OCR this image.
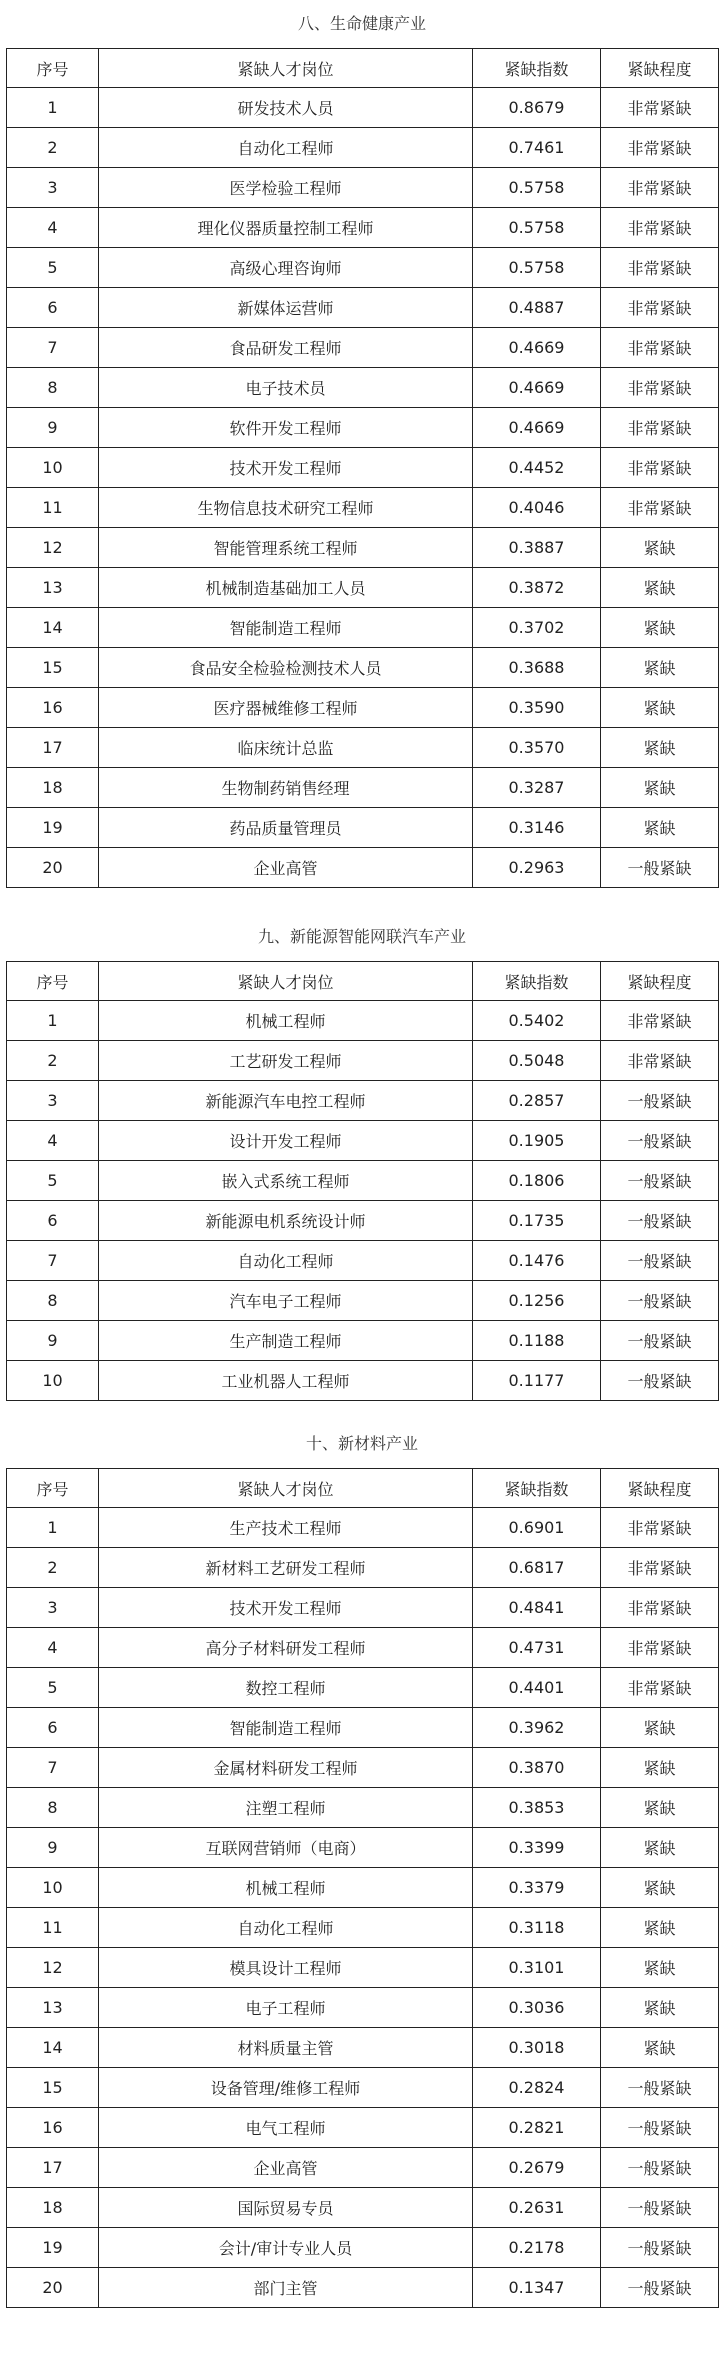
八、生命健康产业
序号	紧缺人才岗位	紧缺指数	紧缺程度
1	研发技术人员	0.8679	非常紧缺
2	自动化工程师	0.7461	非常紧缺
3	医学检验工程师	0.5758	非常紧缺
4	理化仪器质量控制工程师	0.5758	非常紧缺
5	高级心理咨询师	0.5758	非常紧缺
6	新媒体运营师	0.4887	非常紧缺
7	食品研发工程师	0.4669	非常紧缺
8	电子技术员	0.4669	非常紧缺
9	软件开发工程师	0.4669	非常紧缺
10	技术开发工程师	0.4452	非常紧缺
11	生物信息技术研究工程师	0.4046	非常紧缺
12	智能管理系统工程师	0.3887	紧缺
13	机械制造基础加工人员	0.3872	紧缺
14	智能制造工程师	0.3702	紧缺
15	食品安全检验检测技术人员	0.3688	紧缺
16	医疗器械维修工程师	0.3590	紧缺
17	临床统计总监	0.3570	紧缺
18	生物制药销售经理	0.3287	紧缺
19	药品质量管理员	0.3146	紧缺
20	企业高管	0.2963	一般紧缺
九、新能源智能网联汽车产业
序号	紧缺人才岗位	紧缺指数	紧缺程度
1	机械工程师	0.5402	非常紧缺
2	工艺研发工程师	0.5048	非常紧缺
3	新能源汽车电控工程师	0.2857	一般紧缺
4	设计开发工程师	0.1905	一般紧缺
5	嵌入式系统工程师	0.1806	一般紧缺
6	新能源电机系统设计师	0.1735	一般紧缺
7	自动化工程师	0.1476	一般紧缺
8	汽车电子工程师	0.1256	一般紧缺
9	生产制造工程师	0.1188	一般紧缺
10	工业机器人工程师	0.1177	一般紧缺
十、新材料产业
序号	紧缺人才岗位	紧缺指数	紧缺程度
1	生产技术工程师	0.6901	非常紧缺
2	新材料工艺研发工程师	0.6817	非常紧缺
3	技术开发工程师	0.4841	非常紧缺
4	高分子材料研发工程师	0.4731	非常紧缺
5	数控工程师	0.4401	非常紧缺
6	智能制造工程师	0.3962	紧缺
7	金属材料研发工程师	0.3870	紧缺
8	注塑工程师	0.3853	紧缺
9	互联网营销师（电商）	0.3399	紧缺
10	机械工程师	0.3379	紧缺
11	自动化工程师	0.3118	紧缺
12	模具设计工程师	0.3101	紧缺
13	电子工程师	0.3036	紧缺
14	材料质量主管	0.3018	紧缺
15	设备管理/维修工程师	0.2824	一般紧缺
16	电气工程师	0.2821	一般紧缺
17	企业高管	0.2679	一般紧缺
18	国际贸易专员	0.2631	一般紧缺
19	会计/审计专业人员	0.2178	一般紧缺
20	部门主管	0.1347	一般紧缺
